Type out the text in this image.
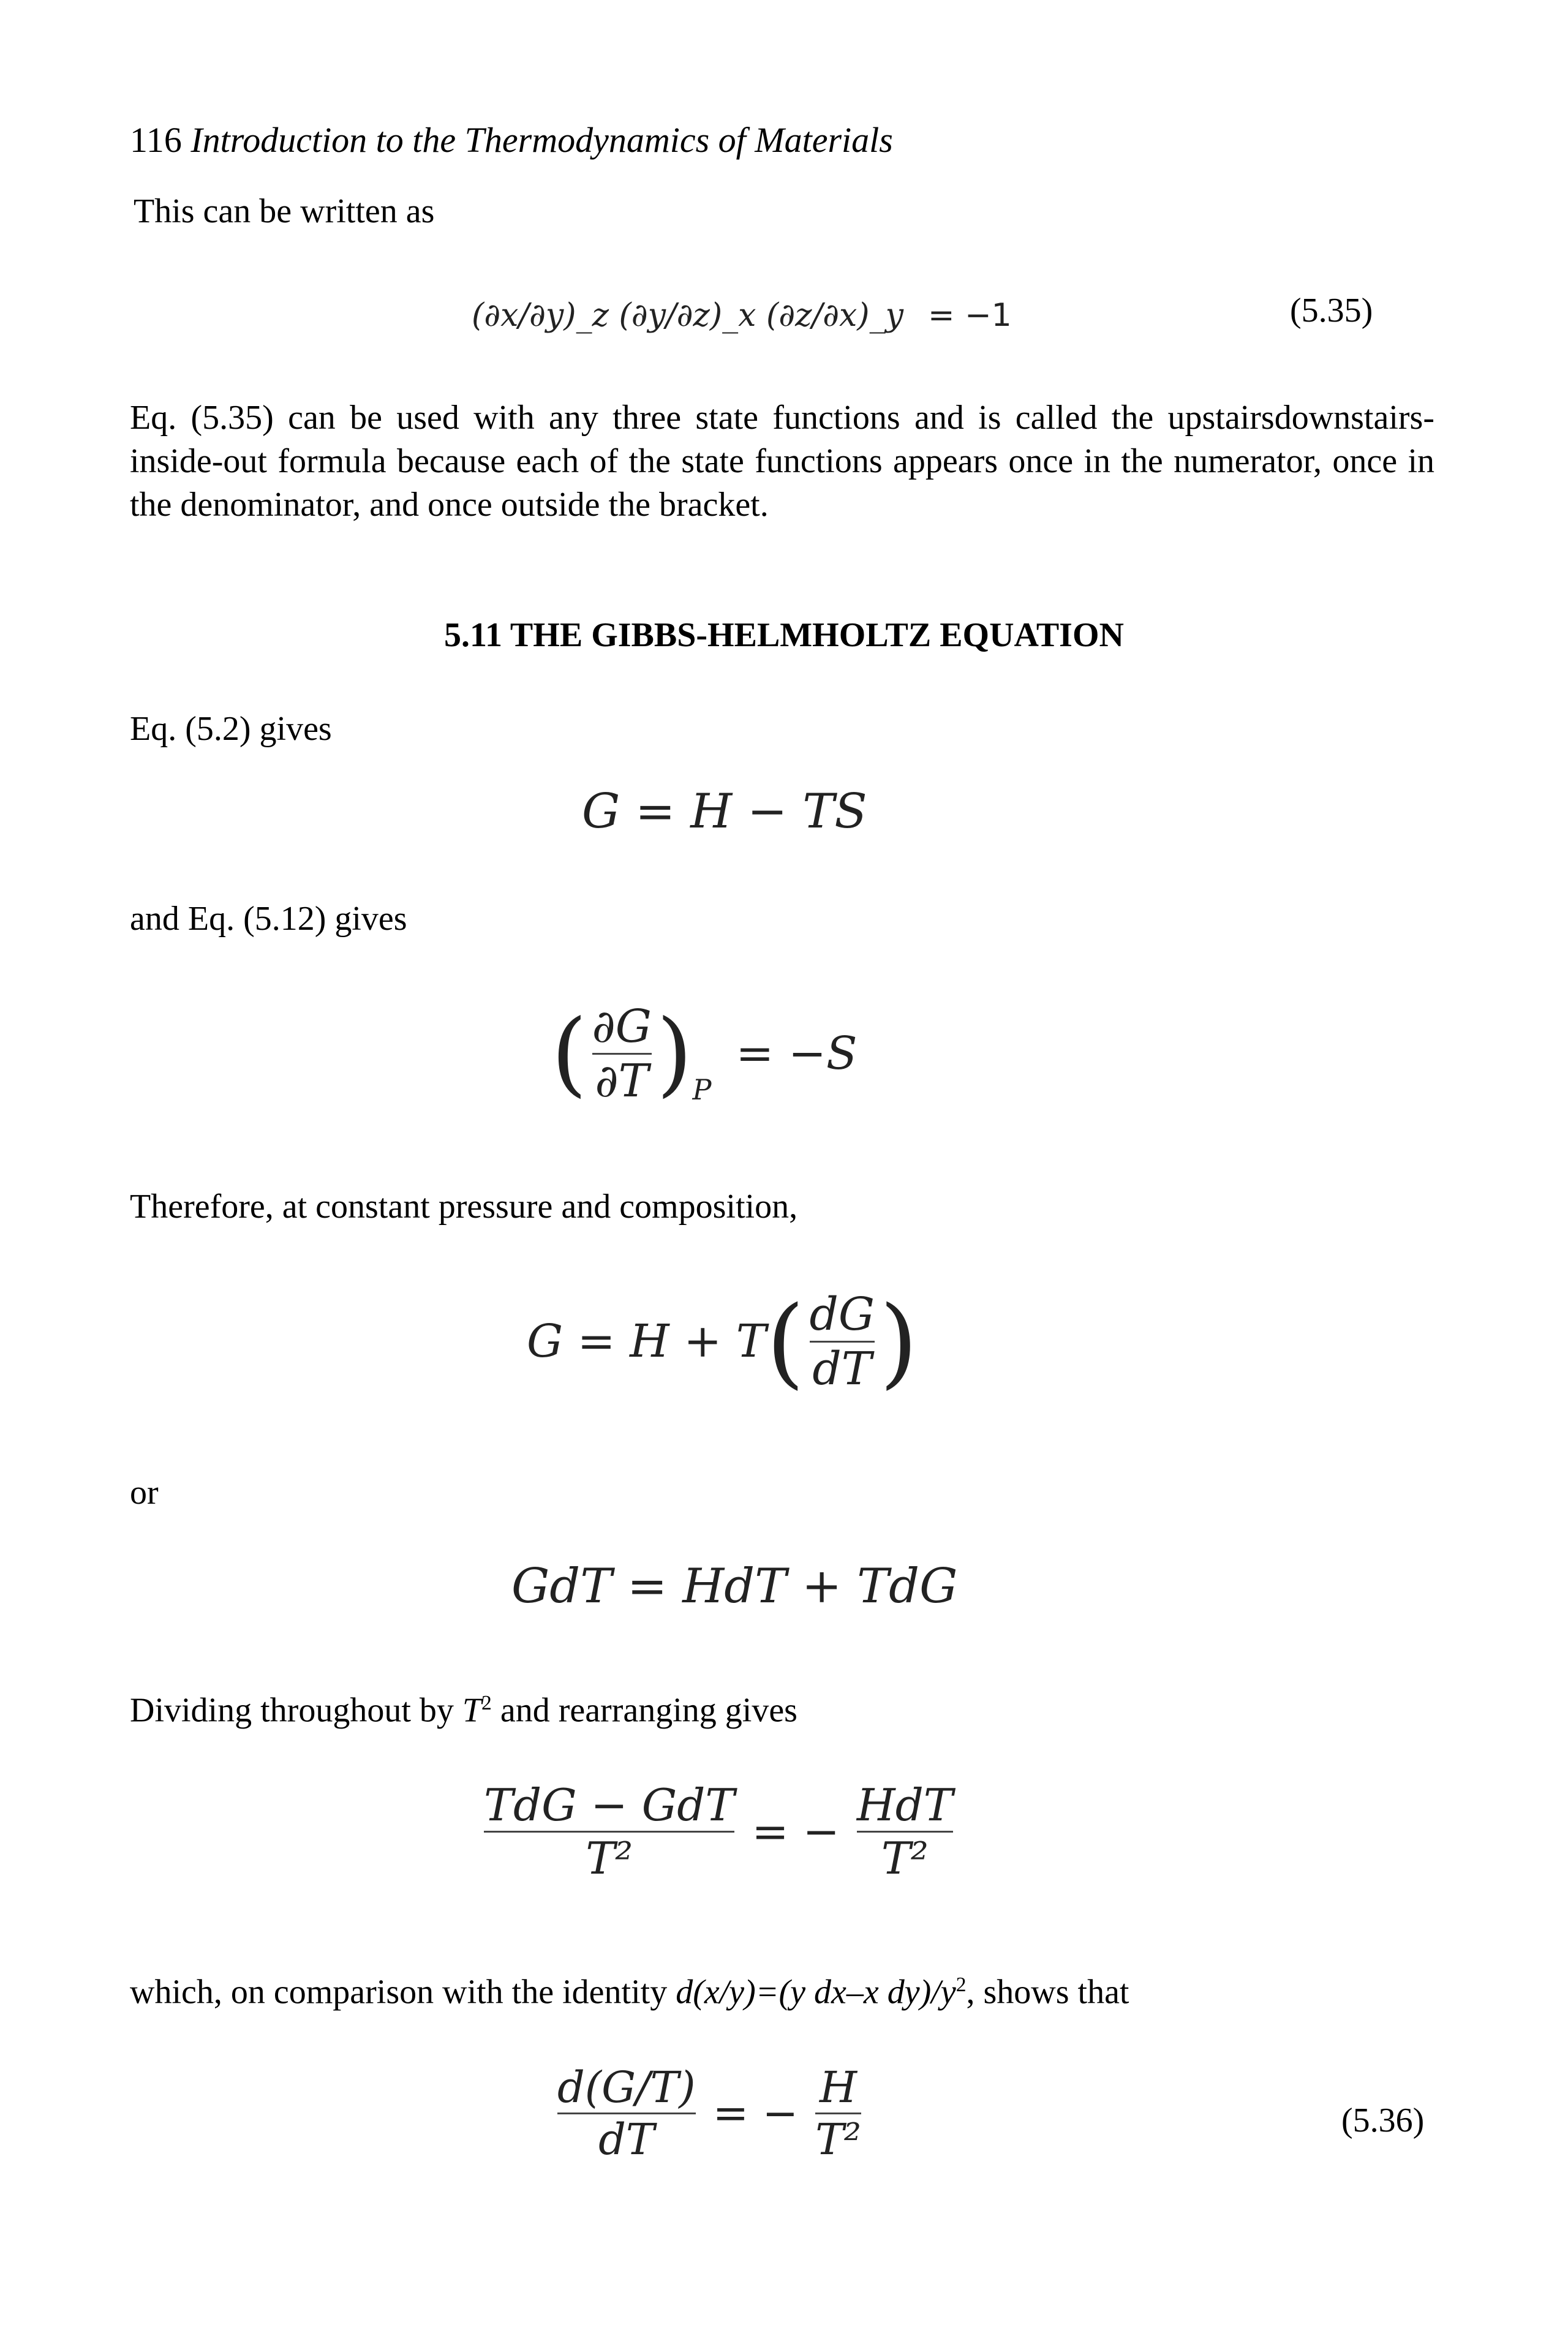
116 Introduction to the Thermodynamics of Materials
This can be written as
(∂x/∂y)_z (∂y/∂z)_x (∂z/∂x)_y = −1	(5.35)
Eq. (5.35) can be used with any three state functions and is called the upstairsdownstairs-inside-out formula because each of the state functions appears once in the numerator, once in the denominator, and once outside the bracket.
5.11 THE GIBBS-HELMHOLTZ EQUATION
Eq. (5.2) gives
G = H − TS
and Eq. (5.12) gives
( $\frac{\partial G}{\partial T}$ ) P
= −S
Therefore, at constant pressure and composition,
G = H + T ( $\frac{dG}{dT}$ )
or
GdT = HdT + TdG
Dividing throughout by $T^2$ and rearranging gives
$\frac{\text{TdG − GdT}}{\text{T²}}$ = − $\frac{\text{HdT}}{\text{T²}}$
which, on comparison with the identity d(x/y)=(y dx–x $dy)/y^2$, shows that
$\frac{d(G/T)}{dT}$ = − $\frac{H}{\text{T²}}$	(5.36)
